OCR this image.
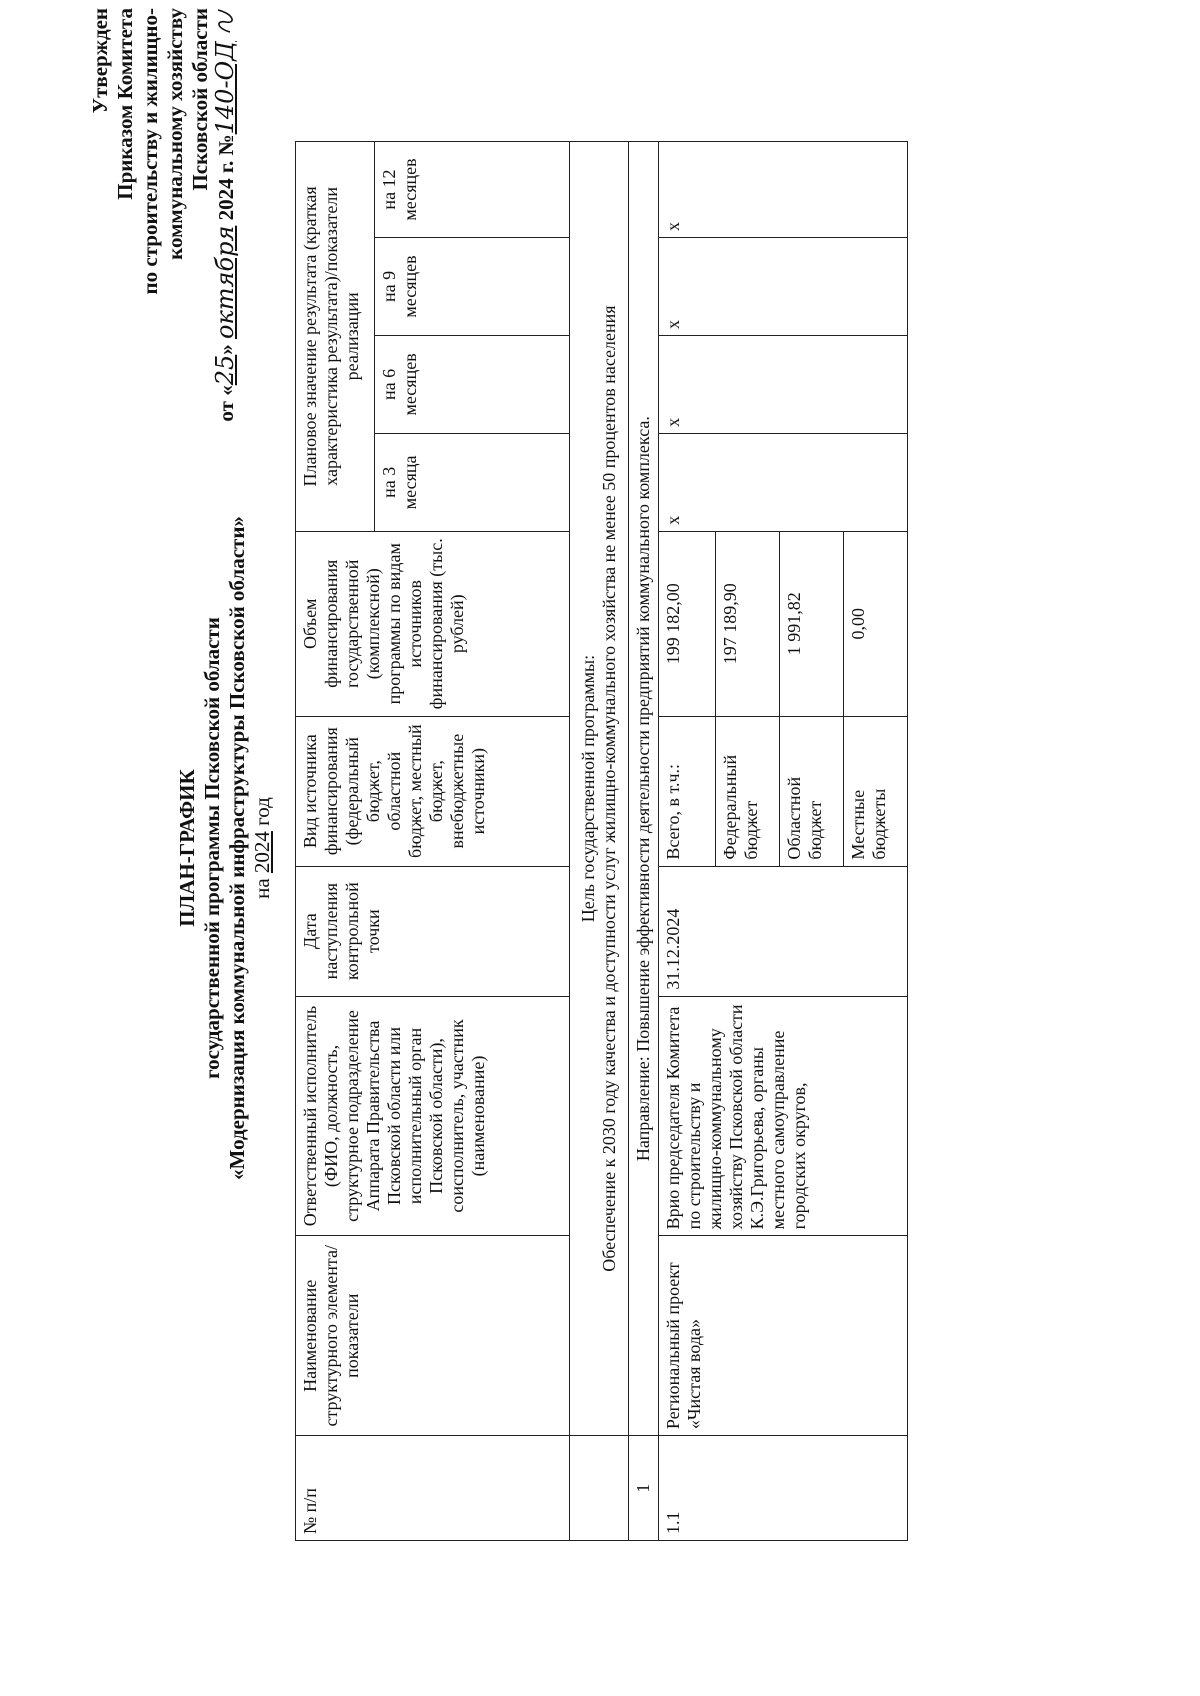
Утвержден Приказом Комитета по строительству и жилищно- коммунальному хозяйству Псковской области
от «25» октября 2024 г. №140-ОД
ПЛАН-ГРАФИК государственной программы Псковской области «Модернизация коммунальной инфраструктуры Псковской области» на 2024 год
№ п/п	Наименование структурного элемента/показатели	Ответственный исполнитель (ФИО, должность, структурное подразделение Аппарата Правительства Псковской области или исполнительный орган Псковской области), соисполнитель, участник (наименование)	Дата наступления контрольной точки	Вид источника финансирования (федеральный бюджет, областной бюджет, местный бюджет, внебюджетные источники)	Объем финансирования государственной (комплексной) программы по видам источников финансирования (тыс. рублей)	Плановое значение результата (краткая характеристика результата)/показатели реализации			
						на 3 месяца	на 6 месяцев	на 9 месяцев	на 12 месяцев

	Цель государственной программы: Обеспечение к 2030 году качества и доступности услуг жилищно-коммунального хозяйства не менее 50 процентов населения								

1	Направление: Повышение эффективности деятельности предприятий коммунального комплекса.								
1.1	Региональный проект «Чистая вода»	Врио председателя Комитета по строительству и жилищно-коммунальному хозяйству Псковской области К.Э.Григорьева, органы местного самоуправление городских округов,	31.12.2024	Всего, в т.ч.:	199 182,00	х	х	х	х
				Федеральный бюджет	197 189,90				
				Областной бюджет	1 991,82				
				Местные бюджеты	0,00				
